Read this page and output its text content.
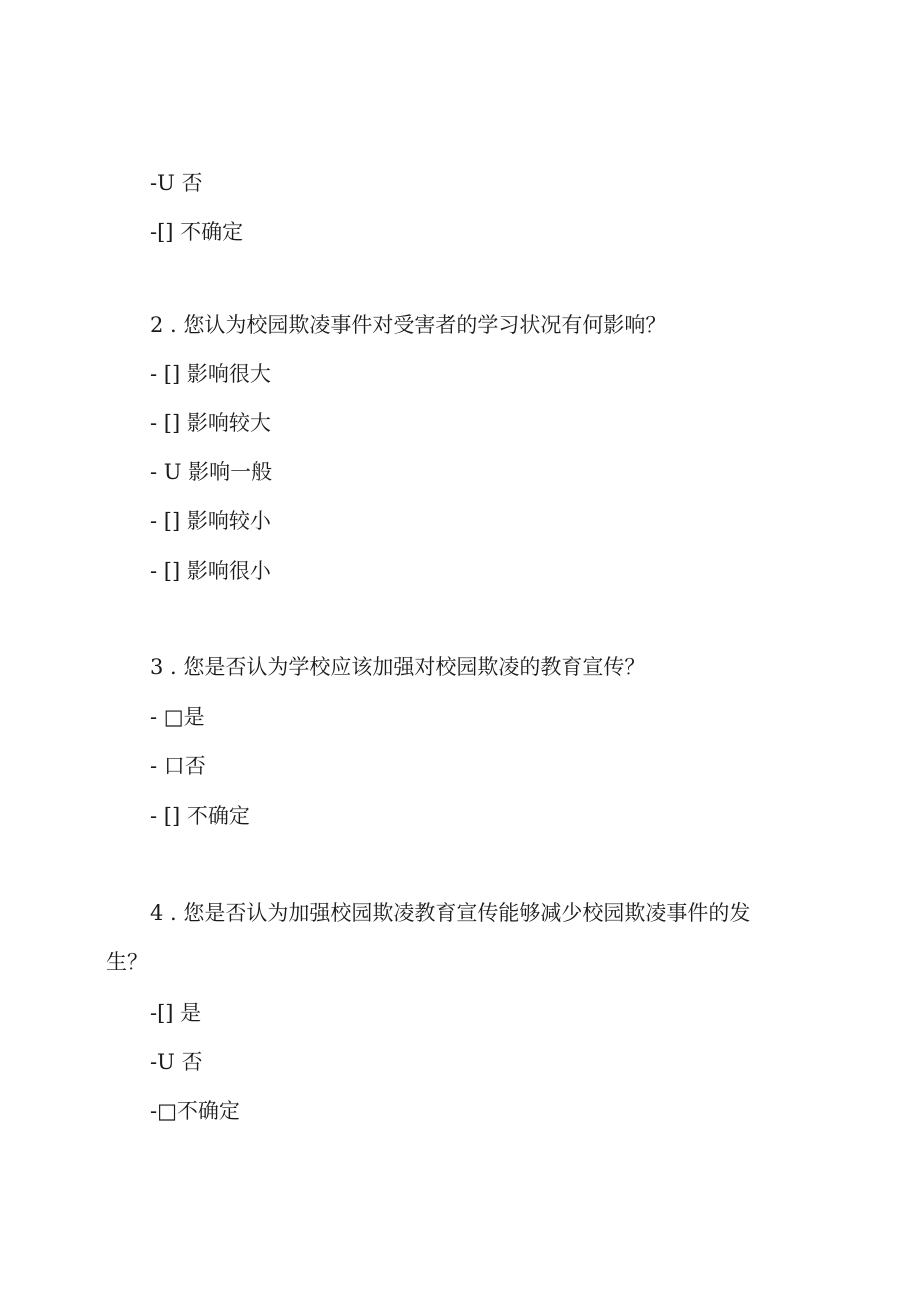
-U 否
-[] 不确定
2 . 您认为校园欺凌事件对受害者的学习状况有何影响？
- [] 影响很大
- [] 影响较大
- U 影响一般
- [] 影响较小
- [] 影响很小
3 . 您是否认为学校应该加强对校园欺凌的教育宣传？
- □是
- 口否
- [] 不确定
4 . 您是否认为加强校园欺凌教育宣传能够减少校园欺凌事件的发
生？
-[] 是
-U 否
-□不确定
